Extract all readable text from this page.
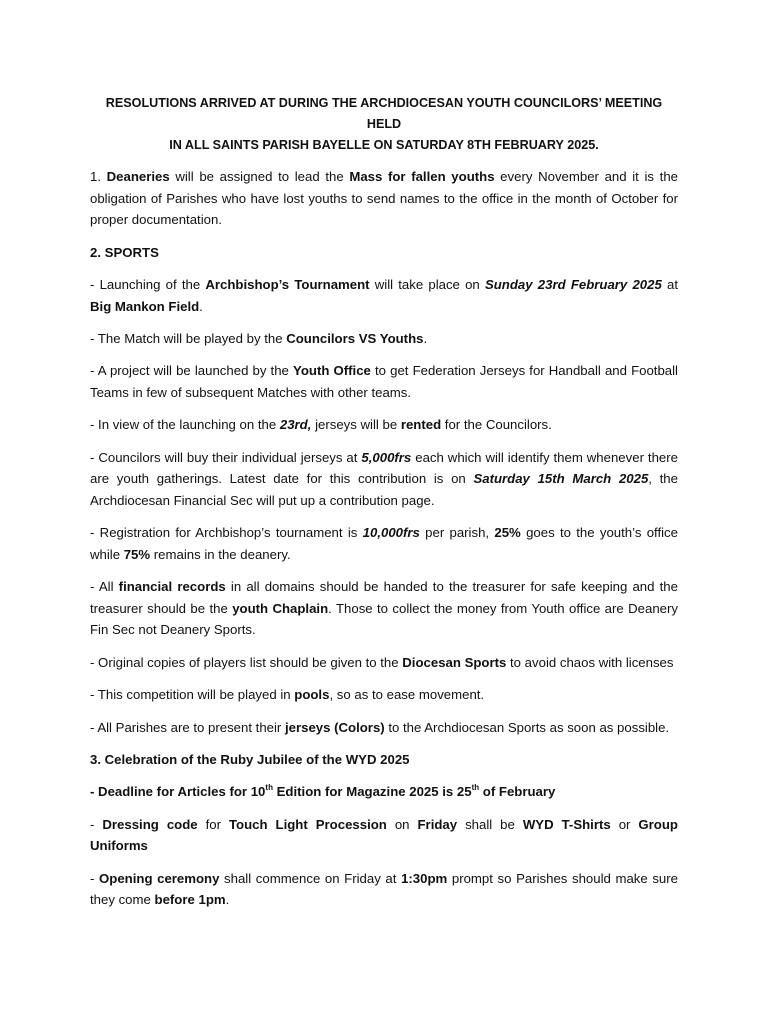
RESOLUTIONS ARRIVED AT DURING THE ARCHDIOCESAN YOUTH COUNCILORS’ MEETING HELD
IN ALL SAINTS PARISH BAYELLE ON SATURDAY 8TH FEBRUARY 2025.

1. Deaneries will be assigned to lead the Mass for fallen youths every November and it is the obligation of Parishes who have lost youths to send names to the office in the month of October for proper documentation.

2. SPORTS

- Launching of the Archbishop’s Tournament will take place on Sunday 23rd February 2025 at Big Mankon Field.

- The Match will be played by the Councilors VS Youths.

- A project will be launched by the Youth Office to get Federation Jerseys for Handball and Football Teams in few of subsequent Matches with other teams.

- In view of the launching on the 23rd, jerseys will be rented for the Councilors.

- Councilors will buy their individual jerseys at 5,000frs each which will identify them whenever there are youth gatherings. Latest date for this contribution is on Saturday 15th March 2025, the Archdiocesan Financial Sec will put up a contribution page.

- Registration for Archbishop’s tournament is 10,000frs per parish, 25% goes to the youth’s office while 75% remains in the deanery.

- All financial records in all domains should be handed to the treasurer for safe keeping and the treasurer should be the youth Chaplain. Those to collect the money from Youth office are Deanery Fin Sec not Deanery Sports.

- Original copies of players list should be given to the Diocesan Sports to avoid chaos with licenses

- This competition will be played in pools, so as to ease movement.

- All Parishes are to present their jerseys (Colors) to the Archdiocesan Sports as soon as possible.

3. Celebration of the Ruby Jubilee of the WYD 2025

- Deadline for Articles for 10th Edition for Magazine 2025 is 25th of February

- Dressing code for Touch Light Procession on Friday shall be WYD T-Shirts or Group Uniforms

- Opening ceremony shall commence on Friday at 1:30pm prompt so Parishes should make sure they come before 1pm.
